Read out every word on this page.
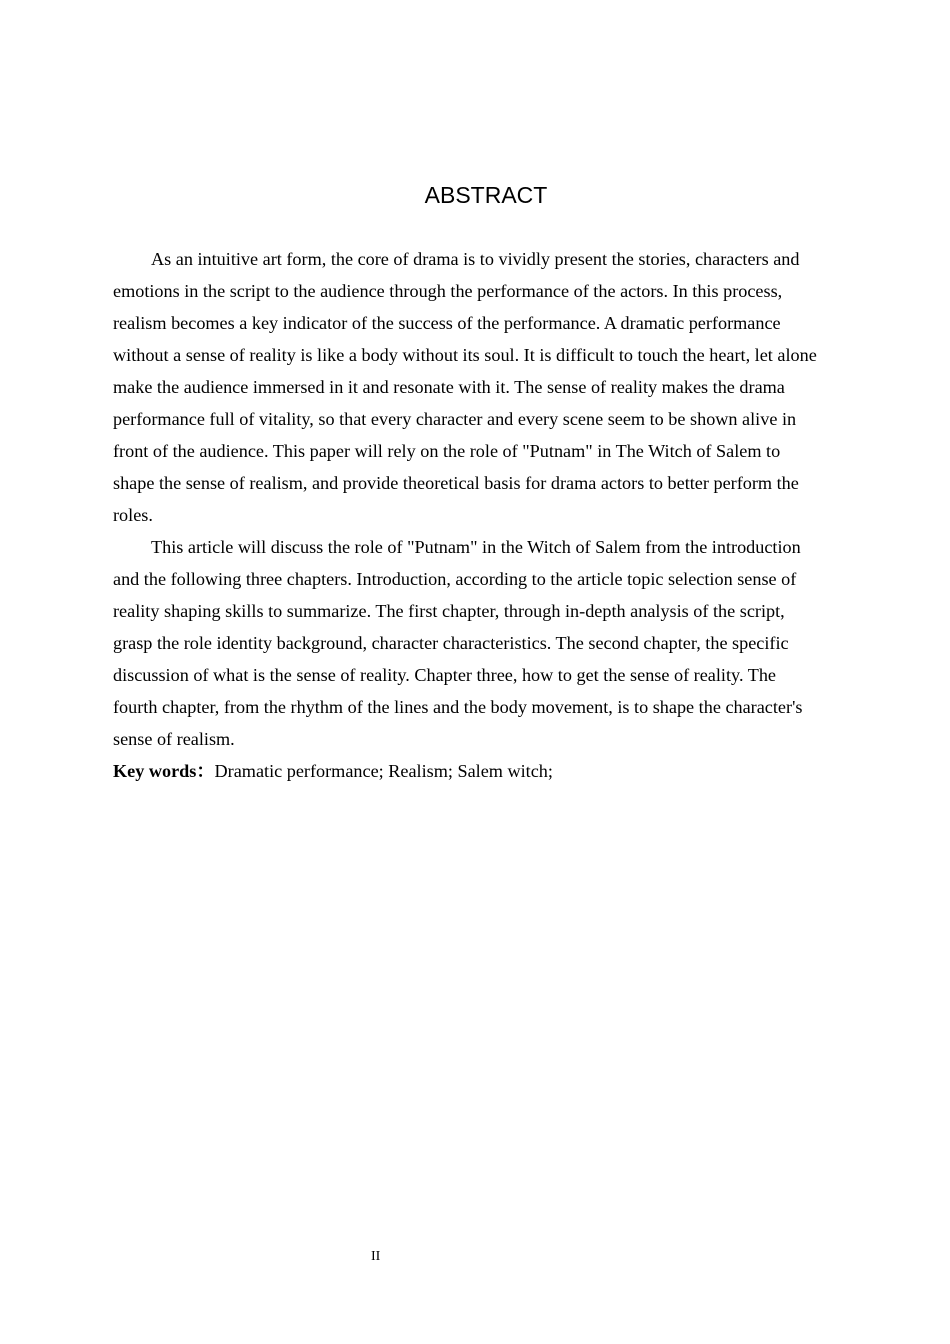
ABSTRACT

As an intuitive art form, the core of drama is to vividly present the stories, characters and
emotions in the script to the audience through the performance of the actors. In this process,
realism becomes a key indicator of the success of the performance. A dramatic performance
without a sense of reality is like a body without its soul. It is difficult to touch the heart, let alone
make the audience immersed in it and resonate with it. The sense of reality makes the drama
performance full of vitality, so that every character and every scene seem to be shown alive in
front of the audience. This paper will rely on the role of "Putnam" in The Witch of Salem to
shape the sense of realism, and provide theoretical basis for drama actors to better perform the
roles.

This article will discuss the role of "Putnam" in the Witch of Salem from the introduction
and the following three chapters. Introduction, according to the article topic selection sense of
reality shaping skills to summarize. The first chapter, through in-depth analysis of the script,
grasp the role identity background, character characteristics. The second chapter, the specific
discussion of what is the sense of reality. Chapter three, how to get the sense of reality. The
fourth chapter, from the rhythm of the lines and the body movement, is to shape the character's
sense of realism.

Key words：Dramatic performance; Realism; Salem witch;

II
